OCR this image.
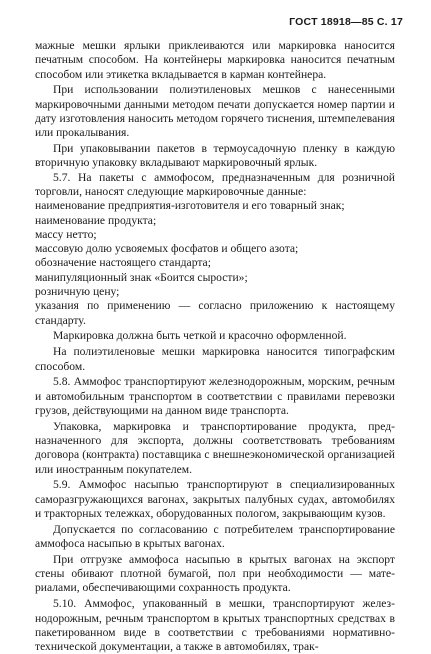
ГОСТ 18918—85 С. 17

мажные мешки ярлыки приклеиваются или маркировка наносится печатным способом. На контейнеры маркировка наносится печатным способом или этикетка вкладывается в карман контейнера.

При использовании полиэтиленовых мешков с нанесенными маркировочными данными методом печати допускается номер партии и дату изготовления наносить методом горячего тиснения, штемпелевания или прокалывания.

При упаковывании пакетов в термоусадочную пленку в каждую вторичную упаковку вкладывают маркировочный ярлык.

5.7. На пакеты с аммофосом, предназначенным для розничной торговли, наносят следующие маркировочные данные:

наименование предприятия-изготовителя и его товарный знак;

наименование продукта;

массу нетто;

массовую долю усвояемых фосфатов и общего азота;

обозначение настоящего стандарта;

манипуляционный знак «Боится сырости»;

розничную цену;

указания по применению — согласно приложению к настоящему стандарту.

Маркировка должна быть четкой и красочно оформленной.

На полиэтиленовые мешки маркировка наносится типографским способом.

5.8. Аммофос транспортируют железнодорожным, морским, речным и автомобильным транспортом в соответствии с правилами перевозки грузов, действующими на данном виде транспорта.

Упаковка, маркировка и транспортирование продукта, предназначенного для экспорта, должны соответствовать требованиям договора (контракта) поставщика с внешнеэкономической организацией или иностранным покупателем.

5.9. Аммофос насыпью транспортируют в специализированных саморазгружающихся вагонах, закрытых палубных судах, автомобилях и тракторных тележках, оборудованных пологом, закрывающим кузов.

Допускается по согласованию с потребителем транспортирование аммофоса насыпью в крытых вагонах.

При отгрузке аммофоса насыпью в крытых вагонах на экспорт стены обивают плотной бумагой, пол при необходимости — материалами, обеспечивающими сохранность продукта.

5.10. Аммофос, упакованный в мешки, транспортируют железнодорожным, речным транспортом в крытых транспортных средствах в пакетированном виде в соответствии с требованиями нормативно-технической документации, а также в автомобилях, трак-
